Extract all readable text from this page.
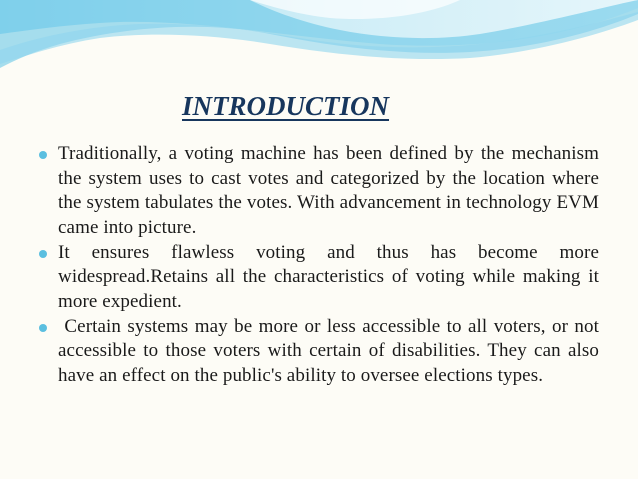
INTRODUCTION
Traditionally, a voting machine has been defined by the mechanism the system uses to cast votes and categorized by the location where the system tabulates the votes. With advancement in technology EVM came into picture.
It ensures flawless voting and thus has become more widespread.Retains all the characteristics of voting while making it more expedient.
Certain systems may be more or less accessible to all voters, or not accessible to those voters with certain of disabilities. They can also have an effect on the public's ability to oversee elections types.
